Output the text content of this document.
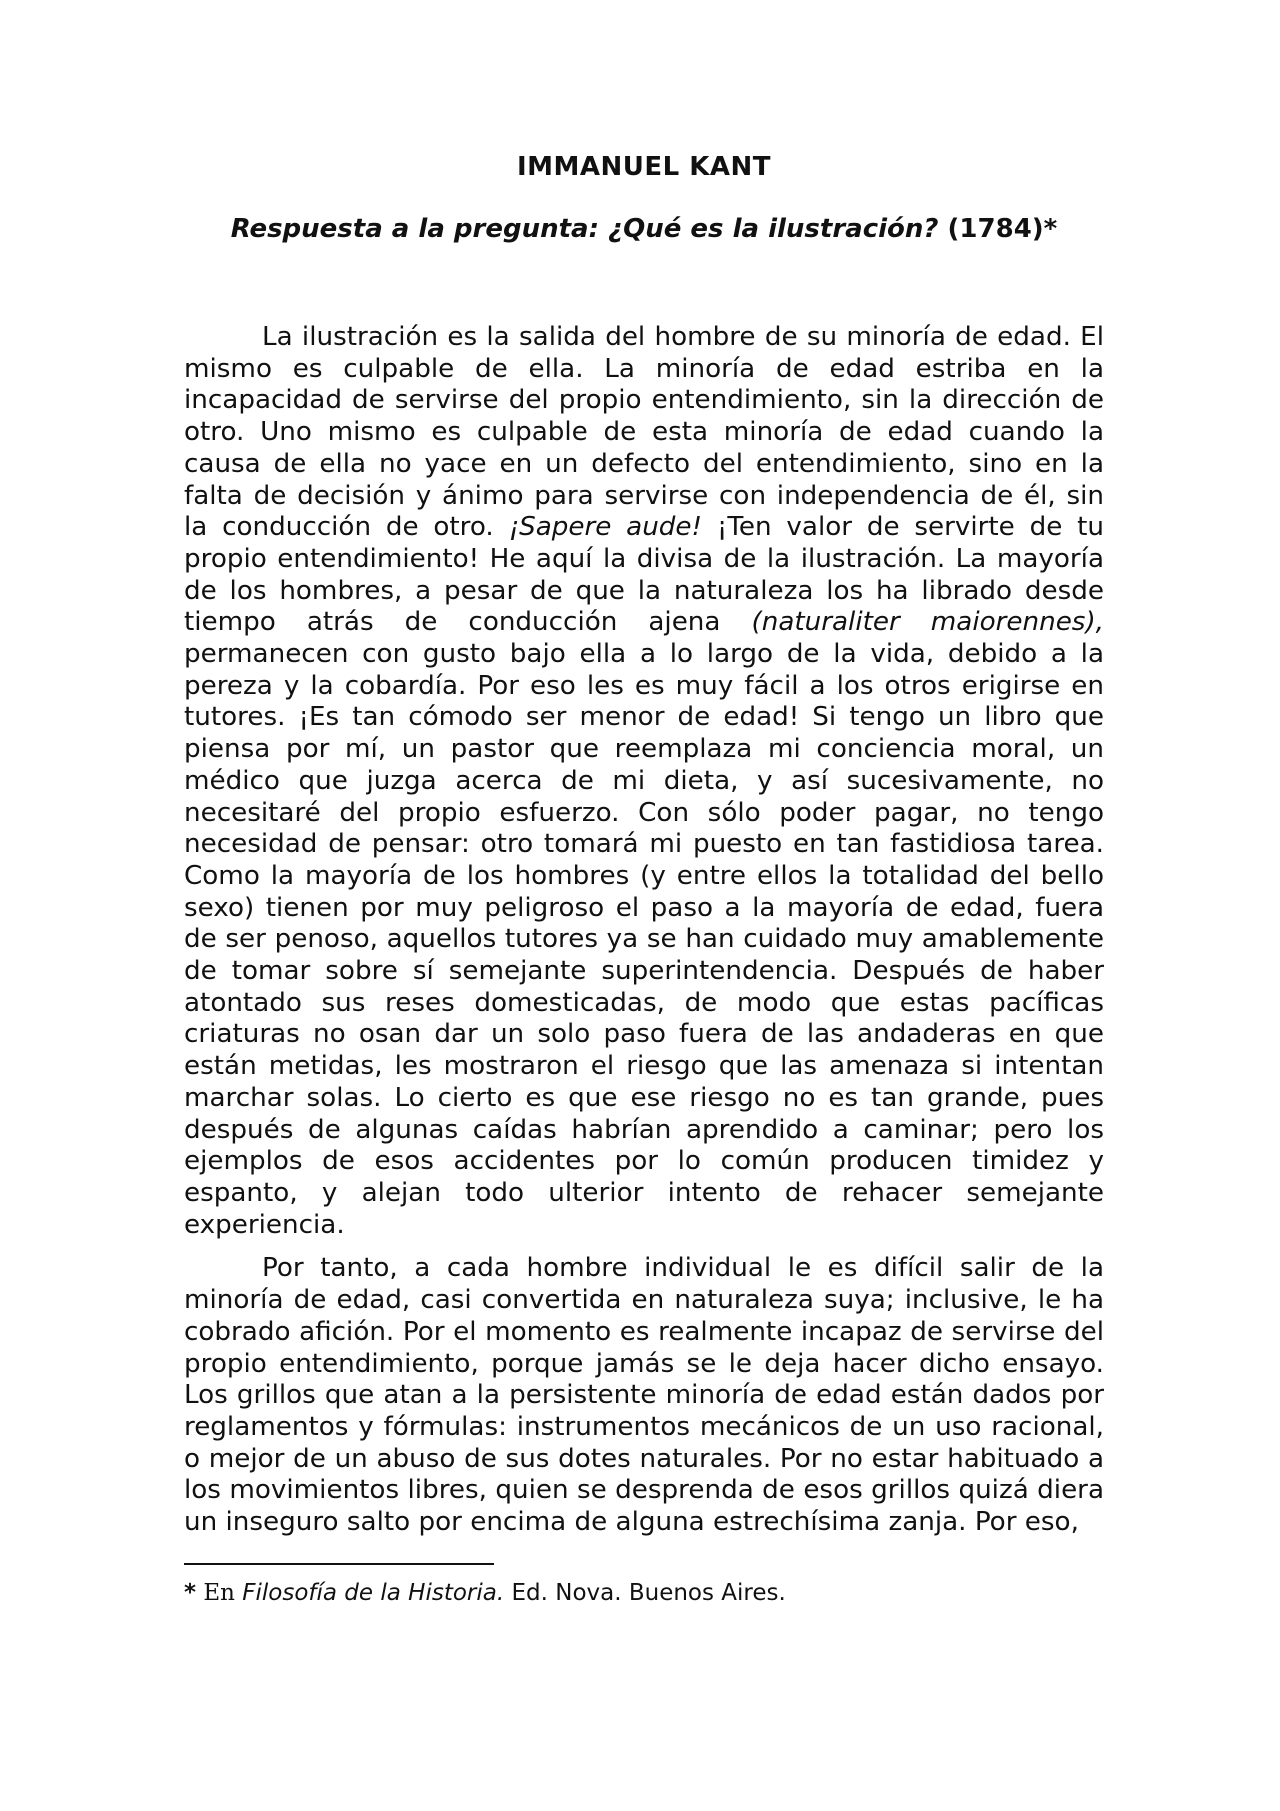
IMMANUEL KANT
Respuesta a la pregunta: ¿Qué es la ilustración? (1784)*

La ilustración es la salida del hombre de su minoría de edad. El mismo es culpable de ella. La minoría de edad estriba en la incapacidad de servirse del propio entendimiento, sin la dirección de otro. Uno mismo es culpable de esta minoría de edad cuando la causa de ella no yace en un defecto del entendimiento, sino en la falta de decisión y ánimo para servirse con independencia de él, sin la conducción de otro. ¡Sapere aude! ¡Ten valor de servirte de tu propio entendimiento! He aquí la divisa de la ilustración. La mayoría de los hombres, a pesar de que la naturaleza los ha librado desde tiempo atrás de conducción ajena (naturaliter maiorennes), permanecen con gusto bajo ella a lo largo de la vida, debido a la pereza y la cobardía. Por eso les es muy fácil a los otros erigirse en tutores. ¡Es tan cómodo ser menor de edad! Si tengo un libro que piensa por mí, un pastor que reemplaza mi conciencia moral, un médico que juzga acerca de mi dieta, y así sucesivamente, no necesitaré del propio esfuerzo. Con sólo poder pagar, no tengo necesidad de pensar: otro tomará mi puesto en tan fastidiosa tarea. Como la mayoría de los hombres (y entre ellos la totalidad del bello sexo) tienen por muy peligroso el paso a la mayoría de edad, fuera de ser penoso, aquellos tutores ya se han cuidado muy amablemente de tomar sobre sí semejante superintendencia. Después de haber atontado sus reses domesticadas, de modo que estas pacíficas criaturas no osan dar un solo paso fuera de las andaderas en que están metidas, les mostraron el riesgo que las amenaza si intentan marchar solas. Lo cierto es que ese riesgo no es tan grande, pues después de algunas caídas habrían aprendido a caminar; pero los ejemplos de esos accidentes por lo común producen timidez y espanto, y alejan todo ulterior intento de rehacer semejante experiencia.

Por tanto, a cada hombre individual le es difícil salir de la minoría de edad, casi convertida en naturaleza suya; inclusive, le ha cobrado afición. Por el momento es realmente incapaz de servirse del propio entendimiento, porque jamás se le deja hacer dicho ensayo. Los grillos que atan a la persistente minoría de edad están dados por reglamentos y fórmulas: instrumentos mecánicos de un uso racional, o mejor de un abuso de sus dotes naturales. Por no estar habituado a los movimientos libres, quien se desprenda de esos grillos quizá diera un inseguro salto por encima de alguna estrechísima zanja. Por eso,

* En Filosofía de la Historia. Ed. Nova. Buenos Aires.
